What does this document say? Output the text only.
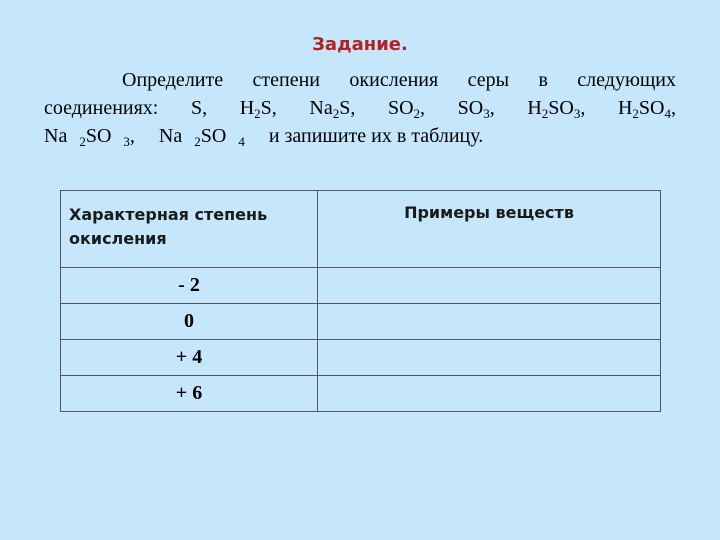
Задание.
Определите степени окисления серы в следующих
соединениях: S, $H_2S$, $Na_2S$, $SO_2$, $SO_3$, $H_2SO_3$, $H_2SO_4$,
Na $_2$SO $_3$,	Na $_2$SO $_4$	и запишите их в таблицу.
Характерная степень окисления	Примеры веществ
- 2	
0	
+ 4	
+ 6	
